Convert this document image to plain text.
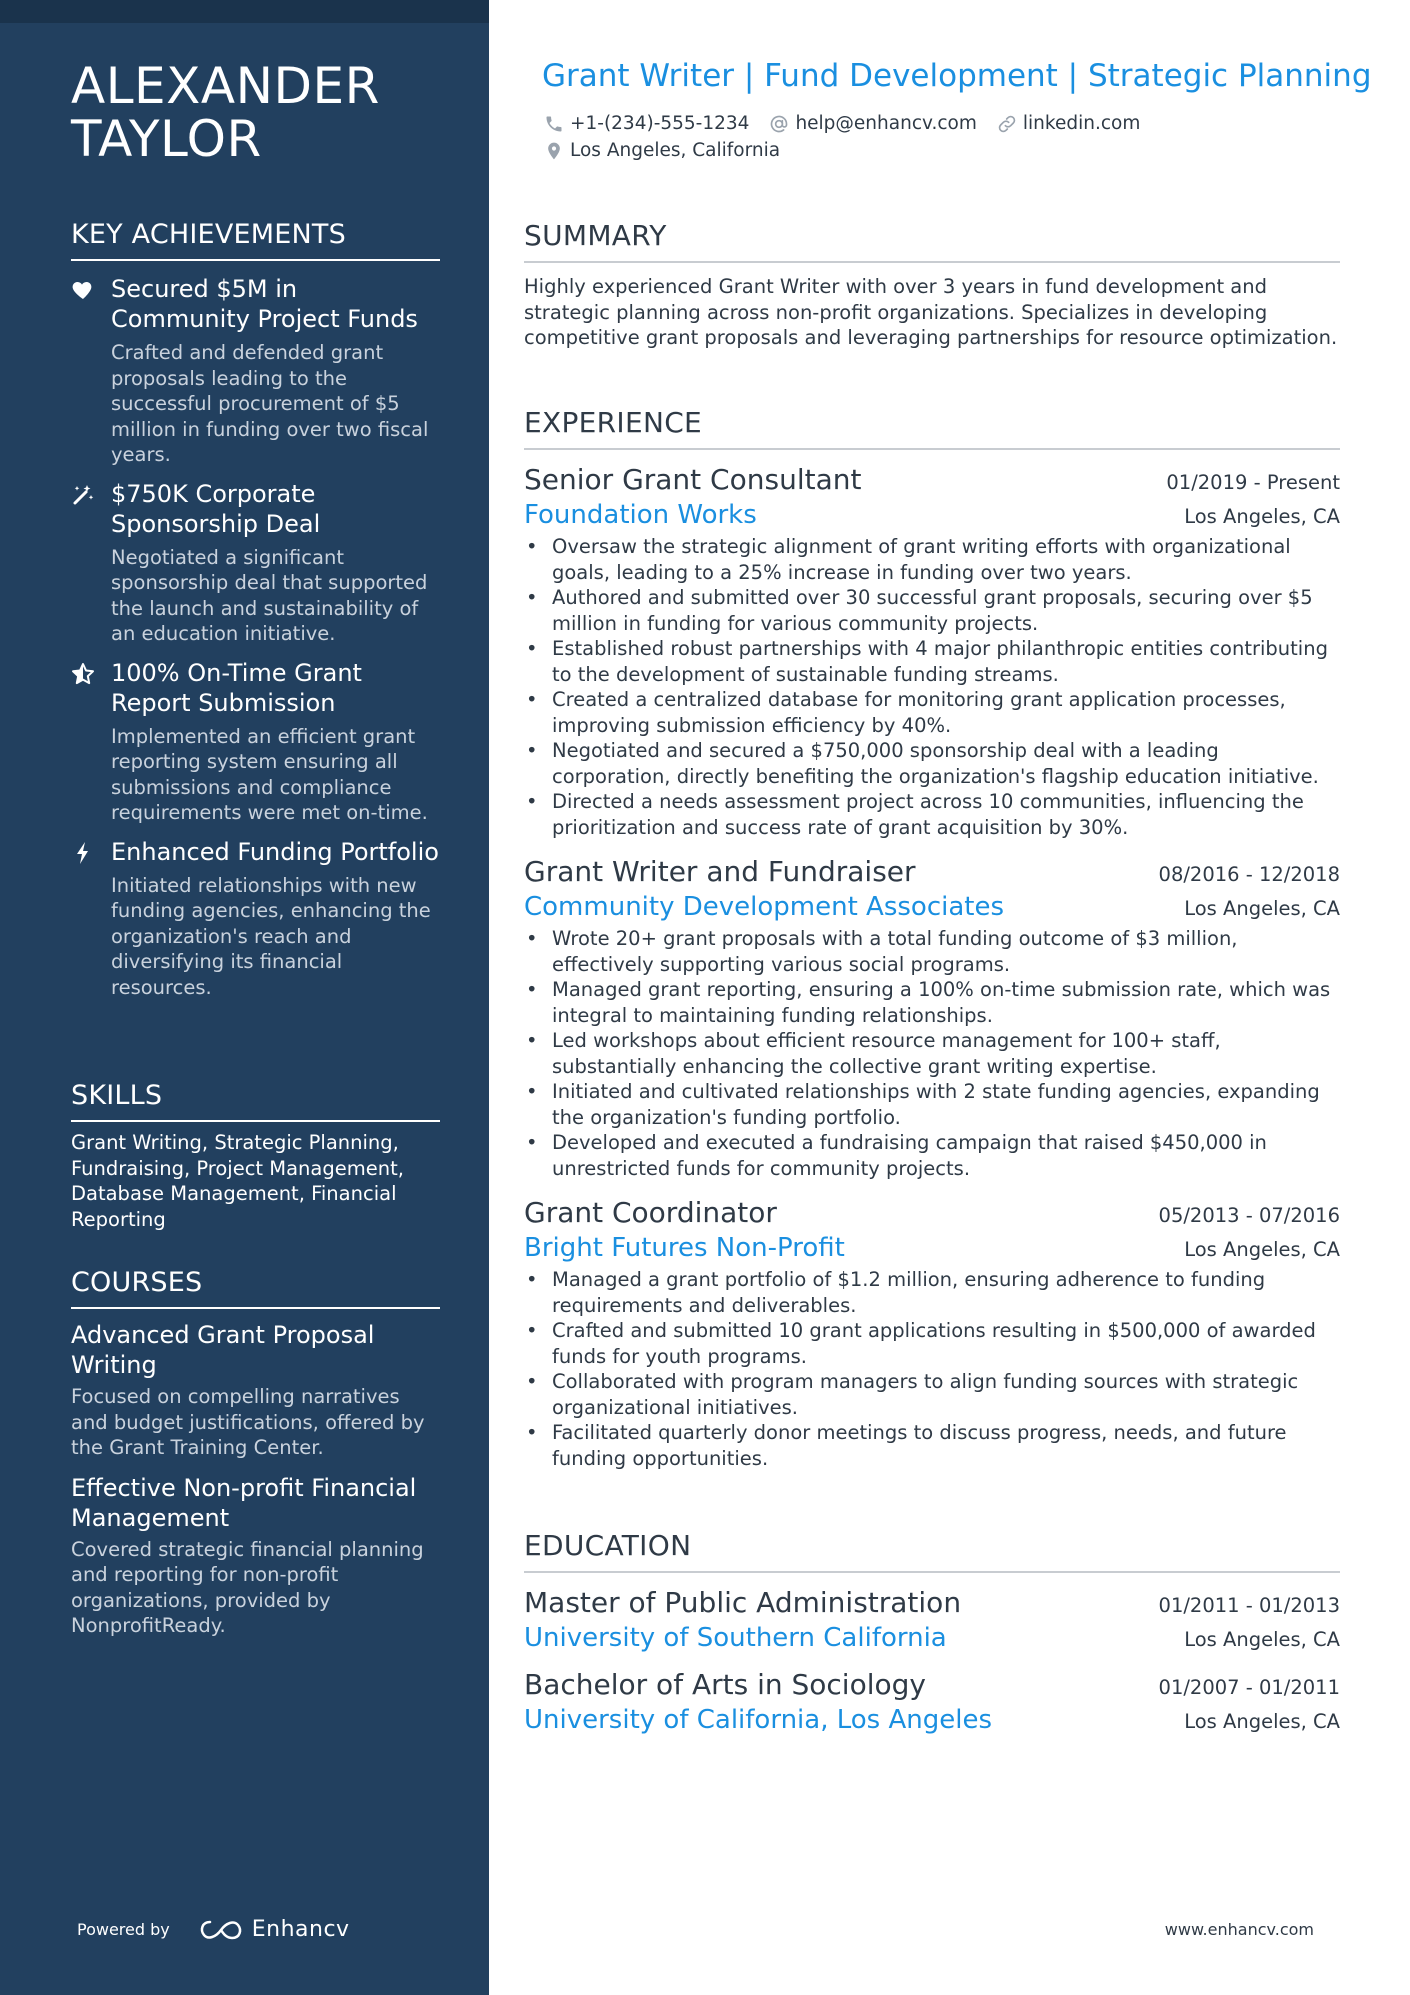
ALEXANDER
TAYLOR
KEY ACHIEVEMENTS
Secured $5M in Community Project Funds
Crafted and defended grant proposals leading to the successful procurement of $5 million in funding over two fiscal years.
$750K Corporate Sponsorship Deal
Negotiated a significant sponsorship deal that supported the launch and sustainability of an education initiative.
100% On-Time Grant Report Submission
Implemented an efficient grant reporting system ensuring all submissions and compliance requirements were met on-time.
Enhanced Funding Portfolio
Initiated relationships with new funding agencies, enhancing the organization's reach and diversifying its financial resources.
SKILLS
Grant Writing, Strategic Planning, Fundraising, Project Management, Database Management, Financial Reporting
COURSES
Advanced Grant Proposal Writing
Focused on compelling narratives and budget justifications, offered by the Grant Training Center.
Effective Non-profit Financial Management
Covered strategic financial planning and reporting for non-profit organizations, provided by NonprofitReady.
Powered by	Enhancv
Grant Writer | Fund Development | Strategic Planning
+1-(234)-555-1234 help@enhancv.com linkedin.com
Los Angeles, California
SUMMARY
Highly experienced Grant Writer with over 3 years in fund development and strategic planning across non-profit organizations. Specializes in developing competitive grant proposals and leveraging partnerships for resource optimization.
EXPERIENCE
Senior Grant Consultant	01/2019 - Present
Foundation Works	Los Angeles, CA
• Oversaw the strategic alignment of grant writing efforts with organizational goals, leading to a 25% increase in funding over two years.
• Authored and submitted over 30 successful grant proposals, securing over $5 million in funding for various community projects.
• Established robust partnerships with 4 major philanthropic entities contributing to the development of sustainable funding streams.
• Created a centralized database for monitoring grant application processes, improving submission efficiency by 40%.
• Negotiated and secured a $750,000 sponsorship deal with a leading corporation, directly benefiting the organization's flagship education initiative.
• Directed a needs assessment project across 10 communities, influencing the prioritization and success rate of grant acquisition by 30%.
Grant Writer and Fundraiser	08/2016 - 12/2018
Community Development Associates	Los Angeles, CA
• Wrote 20+ grant proposals with a total funding outcome of $3 million, effectively supporting various social programs.
• Managed grant reporting, ensuring a 100% on-time submission rate, which was integral to maintaining funding relationships.
• Led workshops about efficient resource management for 100+ staff, substantially enhancing the collective grant writing expertise.
• Initiated and cultivated relationships with 2 state funding agencies, expanding the organization's funding portfolio.
• Developed and executed a fundraising campaign that raised $450,000 in unrestricted funds for community projects.
Grant Coordinator	05/2013 - 07/2016
Bright Futures Non-Profit	Los Angeles, CA
• Managed a grant portfolio of $1.2 million, ensuring adherence to funding requirements and deliverables.
• Crafted and submitted 10 grant applications resulting in $500,000 of awarded funds for youth programs.
• Collaborated with program managers to align funding sources with strategic organizational initiatives.
• Facilitated quarterly donor meetings to discuss progress, needs, and future funding opportunities.
EDUCATION
Master of Public Administration	01/2011 - 01/2013
University of Southern California	Los Angeles, CA
Bachelor of Arts in Sociology	01/2007 - 01/2011
University of California, Los Angeles	Los Angeles, CA
www.enhancv.com
